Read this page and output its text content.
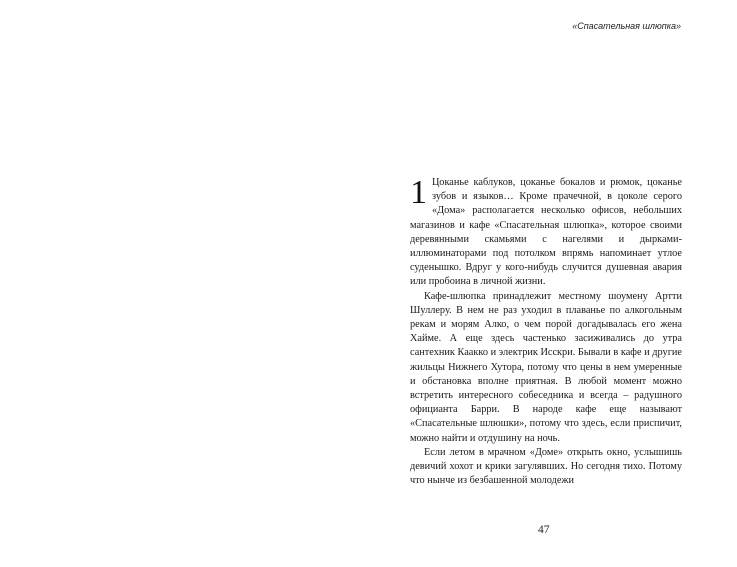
«Спасательная шлюпка»

1 Цоканье каблуков, цоканье бокалов и рюмок, цоканье зубов и языков… Кроме прачечной, в цоколе серого «Дома» располагается несколько офисов, небольших магазинов и кафе «Спасательная шлюпка», которое своими деревянными скамьями с нагелями и дырками-иллюминаторами под потолком впрямь напоминает утлое суденышко. Вдруг у кого-нибудь случится душевная авария или пробоина в личной жизни.

Кафе-шлюпка принадлежит местному шоумену Артти Шуллеру. В нем не раз уходил в плаванье по алкогольным рекам и морям Алко, о чем порой догадывалась его жена Хайме. А еще здесь частенько засиживались до утра сантехник Каакко и электрик Исскри. Бывали в кафе и другие жильцы Нижнего Хутора, потому что цены в нем умеренные и обстановка вполне приятная. В любой момент можно встретить интересного собеседника и всегда – радушного официанта Барри. В народе кафе еще называют «Спасательные шлюшки», потому что здесь, если приспичит, можно найти и отдушину на ночь.

Если летом в мрачном «Доме» открыть окно, услышишь девичий хохот и крики загулявших. Но сегодня тихо. Потому что нынче из безбашенной молодежи

47
